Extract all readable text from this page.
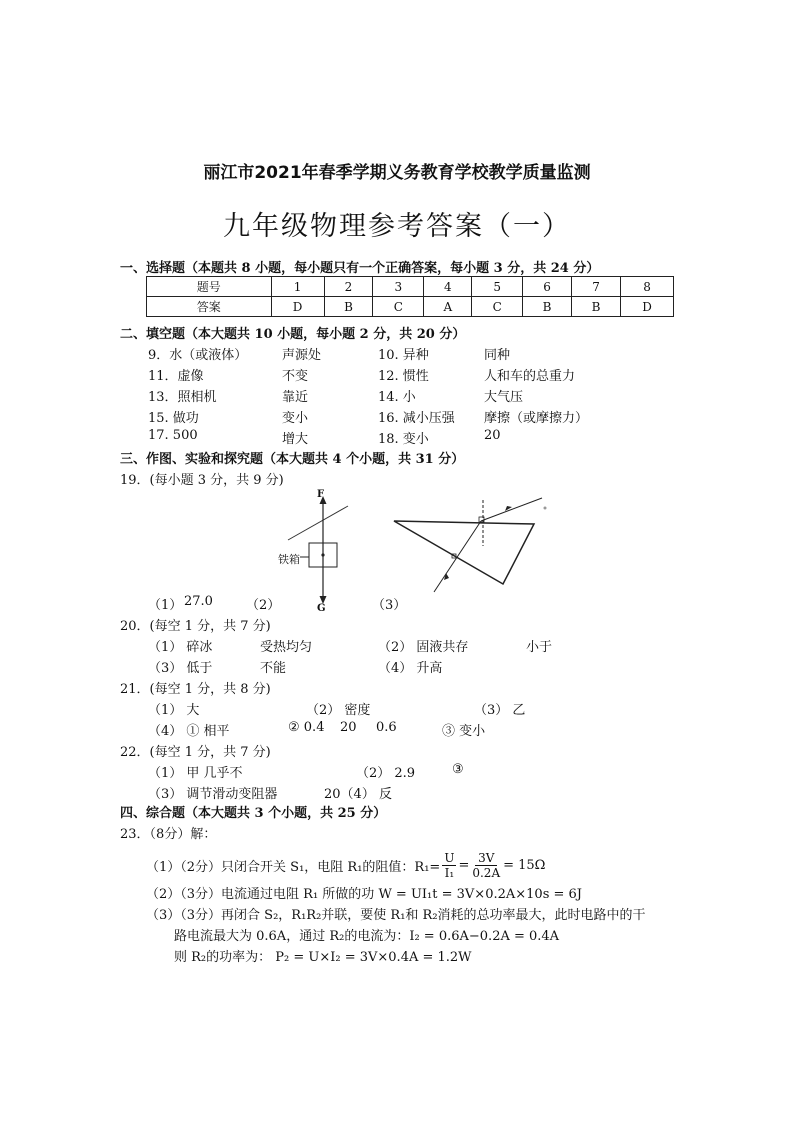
丽江市2021年春季学期义务教育学校教学质量监测
九年级物理参考答案（一）
一、选择题（本题共 8 小题，每小题只有一个正确答案，每小题 3 分，共 24 分）
题号	1	2	3	4	5	6	7	8
答案	D	B	C	A	C	B	B	D
二、填空题（本大题共 10 小题，每小题 2 分，共 20 分）
9．水（或液体）	声源处	10. 异种	同种
11．虚像	不变	12. 惯性	人和车的总重力
13．照相机	靠近	14. 小	大气压
15. 做功	变小	16. 减小压强 摩擦（或摩擦力）
17. 500	增大	18. 变小	20
三、作图、实验和探究题（本大题共 4 个小题，共 31 分）
19．(每小题 3 分，共 9 分)
F
G
铁箱
（1） 27.0	（2）	（3）
20．(每空 1 分，共 7 分)
（1） 碎冰	受热均匀	（2） 固液共存	小于
（3） 低于	不能	（4） 升高
21．(每空 1 分，共 8 分)
（1） 大	（2） 密度	（3） 乙
（4） ① 相平	② 0.4 20 0.6	③ 变小
22．(每空 1 分，共 7 分)
（1） 甲 几乎不	（2） 2.9	③
（3） 调节滑动变阻器	20（4） 反
四、综合题（本大题共 3 个小题，共 25 分）
23．（8分）解：
（1）（2分）只闭合开关 S₁，电阻 R₁的阻值：$R_1= \frac{U}{\text{I₁}} = \frac{3V}{0.2A} = 15\Omega$
（2）（3分）电流通过电阻 R₁ 所做的功 W = UI₁t = 3V×0.2A×10s = 6J
（3）（3分）再闭合 S₂，R₁R₂并联，要使 R₁和 R₂消耗的总功率最大，此时电路中的干
路电流最大为 0.6A，通过 R₂的电流为：I₂ = 0.6A−0.2A = 0.4A
则 R₂的功率为： P₂ = U×I₂ = 3V×0.4A = 1.2W
